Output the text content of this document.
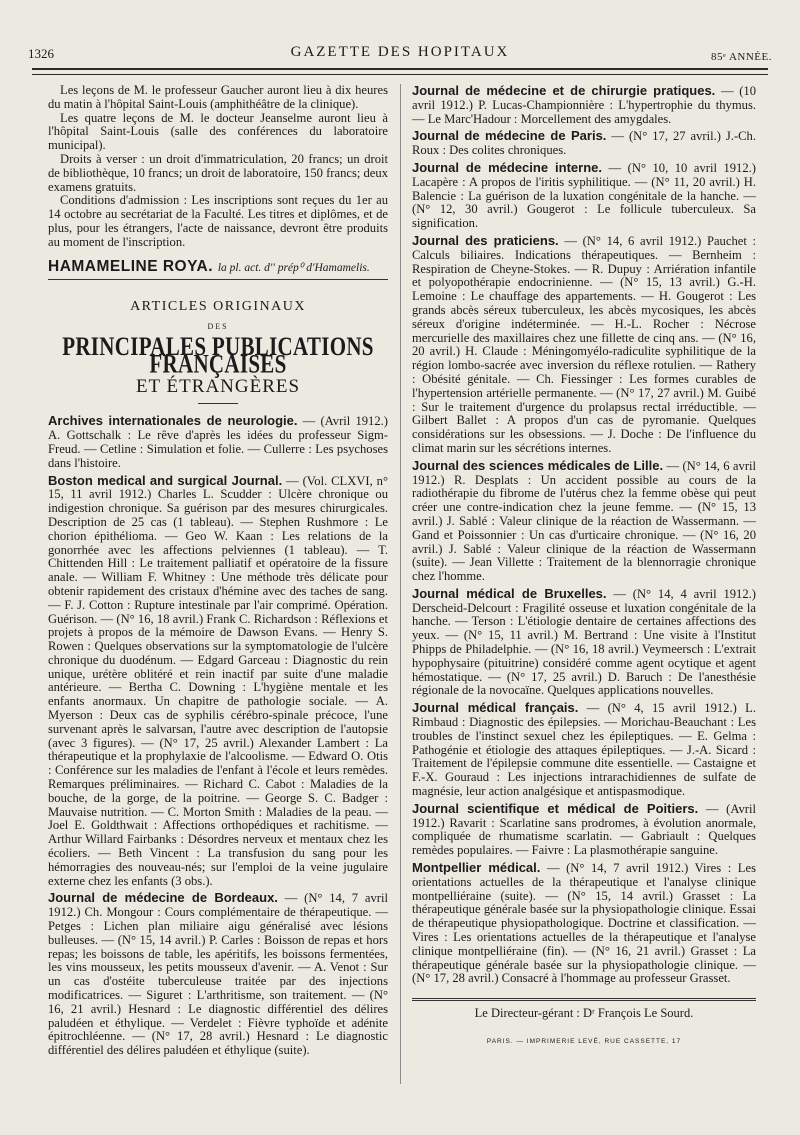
1326	GAZETTE DES HOPITAUX	85ᵉ ANNÉE.

Les leçons de M. le professeur Gaucher auront lieu à dix heures du matin à l'hôpital Saint-Louis (amphithéâtre de la clinique).

Les quatre leçons de M. le docteur Jeanselme auront lieu à l'hôpital Saint-Louis (salle des conférences du laboratoire municipal).

Droits à verser : un droit d'immatriculation, 20 francs; un droit de bibliothèque, 10 francs; un droit de laboratoire, 150 francs; deux examens gratuits.

Conditions d'admission : Les inscriptions sont reçues du 1er au 14 octobre au secrétariat de la Faculté. Les titres et diplômes, et de plus, pour les étrangers, l'acte de naissance, devront être produits au moment de l'inscription.

HAMAMELINE ROYA. la pl. act. d'' prép⁰ d'Hamamelis.
ARTICLES ORIGINAUX
DES
PRINCIPALES PUBLICATIONS FRANÇAISES
ET ÉTRANGÈRES

Archives internationales de neurologie. — (Avril 1912.) A. Gottschalk : Le rêve d'après les idées du professeur Sigm-Freud. — Cetline : Simulation et folie. — Cullerre : Les psychoses dans l'histoire.

Boston medical and surgical Journal. — (Vol. CLXVI, n° 15, 11 avril 1912.) Charles L. Scudder : Ulcère chronique ou indigestion chronique. Sa guérison par des mesures chirurgicales. Description de 25 cas (1 tableau). — Stephen Rushmore : Le chorion épithélioma. — Geo W. Kaan : Les relations de la gonorrhée avec les affections pelviennes (1 tableau). — T. Chittenden Hill : Le traitement palliatif et opératoire de la fissure anale. — William F. Whitney : Une méthode très délicate pour obtenir rapidement des cristaux d'hémine avec des taches de sang. — F. J. Cotton : Rupture intestinale par l'air comprimé. Opération. Guérison. — (N° 16, 18 avril.) Frank C. Richardson : Réflexions et projets à propos de la mémoire de Dawson Evans. — Henry S. Rowen : Quelques observations sur la symptomatologie de l'ulcère chronique du duodénum. — Edgard Garceau : Diagnostic du rein unique, urétère oblitéré et rein inactif par suite d'une maladie antérieure. — Bertha C. Downing : L'hygiène mentale et les enfants anormaux. Un chapitre de pathologie sociale. — A. Myerson : Deux cas de syphilis cérébro-spinale précoce, l'une survenant après le salvarsan, l'autre avec description de l'autopsie (avec 3 figures). — (N° 17, 25 avril.) Alexander Lambert : La thérapeutique et la prophylaxie de l'alcoolisme. — Edward O. Otis : Conférence sur les maladies de l'enfant à l'école et leurs remèdes. Remarques préliminaires. — Richard C. Cabot : Maladies de la bouche, de la gorge, de la poitrine. — George S. C. Badger : Mauvaise nutrition. — C. Morton Smith : Maladies de la peau. — Joel E. Goldthwait : Affections orthopédiques et rachitisme. — Arthur Willard Fairbanks : Désordres nerveux et mentaux chez les écoliers. — Beth Vincent : La transfusion du sang pour les hémorragies des nouveau-nés; sur l'emploi de la veine jugulaire externe chez les enfants (3 obs.).

Journal de médecine de Bordeaux. — (N° 14, 7 avril 1912.) Ch. Mongour : Cours complémentaire de thérapeutique. — Petges : Lichen plan miliaire aigu généralisé avec lésions bulleuses. — (N° 15, 14 avril.) P. Carles : Boisson de repas et hors repas; les boissons de table, les apéritifs, les boissons fermentées, les vins mousseux, les petits mousseux d'avenir. — A. Venot : Sur un cas d'ostéite tuberculeuse traitée par des injections modificatrices. — Siguret : L'arthritisme, son traitement. — (N° 16, 21 avril.) Hesnard : Le diagnostic différentiel des délires paludéen et éthylique. — Verdelet : Fièvre typhoïde et adénite épitrochléenne. — (N° 17, 28 avril.) Hesnard : Le diagnostic différentiel des délires paludéen et éthylique (suite).

Journal de médecine et de chirurgie pratiques. — (10 avril 1912.) P. Lucas-Championnière : L'hypertrophie du thymus. — Le Marc'Hadour : Morcellement des amygdales.

Journal de médecine de Paris. — (N° 17, 27 avril.) J.-Ch. Roux : Des colites chroniques.

Journal de médecine interne. — (N° 10, 10 avril 1912.) Lacapère : A propos de l'iritis syphilitique. — (N° 11, 20 avril.) H. Balencie : La guérison de la luxation congénitale de la hanche. — (N° 12, 30 avril.) Gougerot : Le follicule tuberculeux. Sa signification.

Journal des praticiens. — (N° 14, 6 avril 1912.) Pauchet : Calculs biliaires. Indications thérapeutiques. — Bernheim : Respiration de Cheyne-Stokes. — R. Dupuy : Arriération infantile et polyopothérapie endocrinienne. — (N° 15, 13 avril.) G.-H. Lemoine : Le chauffage des appartements. — H. Gougerot : Les grands abcès séreux tuberculeux, les abcès mycosiques, les abcès séreux d'origine indéterminée. — H.-L. Rocher : Nécrose mercurielle des maxillaires chez une fillette de cinq ans. — (N° 16, 20 avril.) H. Claude : Méningomyélo-radiculite syphilitique de la région lombo-sacrée avec inversion du réflexe rotulien. — Rathery : Obésité génitale. — Ch. Fiessinger : Les formes curables de l'hypertension artérielle permanente. — (N° 17, 27 avril.) M. Guibé : Sur le traitement d'urgence du prolapsus rectal irréductible. — Gilbert Ballet : A propos d'un cas de pyromanie. Quelques considérations sur les obsessions. — J. Doche : De l'influence du climat marin sur les sécrétions internes.

Journal des sciences médicales de Lille. — (N° 14, 6 avril 1912.) R. Desplats : Un accident possible au cours de la radiothérapie du fibrome de l'utérus chez la femme obèse qui peut créer une contre-indication chez la jeune femme. — (N° 15, 13 avril.) J. Sablé : Valeur clinique de la réaction de Wassermann. — Gand et Poissonnier : Un cas d'urticaire chronique. — (N° 16, 20 avril.) J. Sablé : Valeur clinique de la réaction de Wassermann (suite). — Jean Villette : Traitement de la blennorragie chronique chez l'homme.

Journal médical de Bruxelles. — (N° 14, 4 avril 1912.) Derscheid-Delcourt : Fragilité osseuse et luxation congénitale de la hanche. — Terson : L'étiologie dentaire de certaines affections des yeux. — (N° 15, 11 avril.) M. Bertrand : Une visite à l'Institut Phipps de Philadelphie. — (N° 16, 18 avril.) Veymeersch : L'extrait hypophysaire (pituitrine) considéré comme agent ocytique et agent hémostatique. — (N° 17, 25 avril.) D. Baruch : De l'anesthésie régionale de la novocaïne. Quelques applications nouvelles.

Journal médical français. — (N° 4, 15 avril 1912.) L. Rimbaud : Diagnostic des épilepsies. — Morichau-Beauchant : Les troubles de l'instinct sexuel chez les épileptiques. — E. Gelma : Pathogénie et étiologie des attaques épileptiques. — J.-A. Sicard : Traitement de l'épilepsie commune dite essentielle. — Castaigne et F.-X. Gouraud : Les injections intrarachidiennes de sulfate de magnésie, leur action analgésique et antispasmodique.

Journal scientifique et médical de Poitiers. — (Avril 1912.) Ravarit : Scarlatine sans prodromes, à évolution anormale, compliquée de rhumatisme scarlatin. — Gabriault : Quelques remèdes populaires. — Faivre : La plasmothérapie sanguine.

Montpellier médical. — (N° 14, 7 avril 1912.) Vires : Les orientations actuelles de la thérapeutique et l'analyse clinique montpelliéraine (suite). — (N° 15, 14 avril.) Grasset : La thérapeutique générale basée sur la physiopathologie clinique. Essai de thérapeutique physiopathologique. Doctrine et classification. — Vires : Les orientations actuelles de la thérapeutique et l'analyse clinique montpelliéraine (fin). — (N° 16, 21 avril.) Grasset : La thérapeutique générale basée sur la physiopathologie clinique. — (N° 17, 28 avril.) Consacré à l'hommage au professeur Grasset.

Le Directeur-gérant : Dʳ François Le Sourd.
PARIS. — IMPRIMERIE LEVÉ, RUE CASSETTE, 17
